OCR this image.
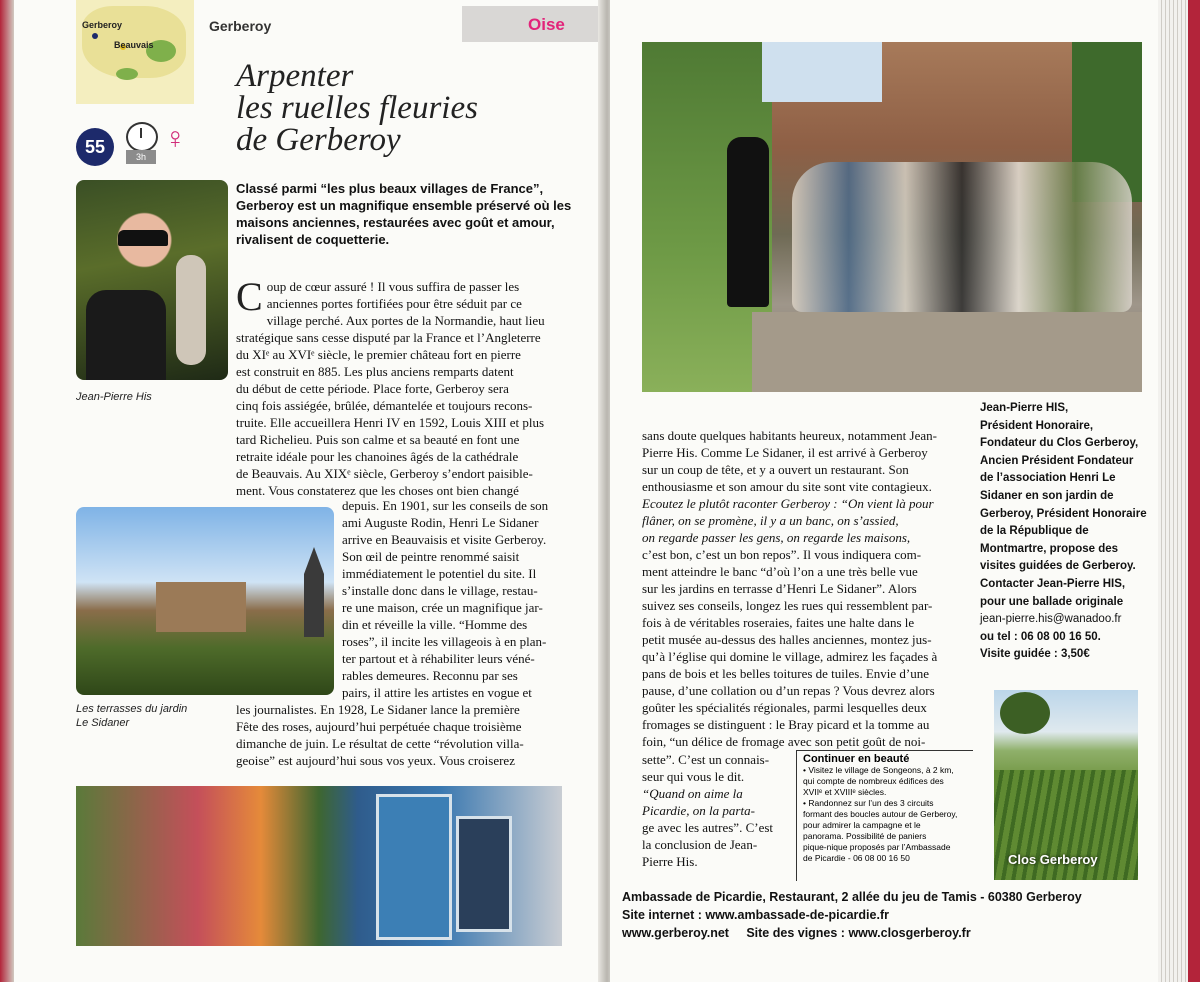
Gerberoy
Beauvais
Gerberoy	Oise
Arpenter
les ruelles fleuries
de Gerberoy
55	3h
♀
Classé parmi “les plus beaux villages de France”, Gerberoy est un magnifique ensemble préservé où les maisons anciennes, restaurées avec goût et amour, rivalisent de coquetterie.
Jean-Pierre His
C oup de cœur assuré ! Il vous suffira de passer les

anciennes portes fortifiées pour être séduit par ce

village perché. Aux portes de la Normandie, haut lieu

stratégique sans cesse disputé par la France et l’Angleterre

du XIᵉ au XVIᵉ siècle, le premier château fort en pierre

est construit en 885. Les plus anciens remparts datent

du début de cette période. Place forte, Gerberoy sera

cinq fois assiégée, brûlée, démantelée et toujours recons-

truite. Elle accueillera Henri IV en 1592, Louis XIII et plus

tard Richelieu. Puis son calme et sa beauté en font une

retraite idéale pour les chanoines âgés de la cathédrale

de Beauvais. Au XIXᵉ siècle, Gerberoy s’endort paisible-

ment. Vous constaterez que les choses ont bien changé

Les terrasses du jardin
Le Sidaner

depuis. En 1901, sur les conseils de son

ami Auguste Rodin, Henri Le Sidaner

arrive en Beauvaisis et visite Gerberoy.

Son œil de peintre renommé saisit

immédiatement le potentiel du site. Il

s’installe donc dans le village, restau-

re une maison, crée un magnifique jar-

din et réveille la ville. “Homme des

roses”, il incite les villageois à en plan-

ter partout et à réhabiliter leurs véné-

rables demeures. Reconnu par ses

pairs, il attire les artistes en vogue et

les journalistes. En 1928, Le Sidaner lance la première

Fête des roses, aujourd’hui perpétuée chaque troisième

dimanche de juin. Le résultat de cette “révolution villa-

geoise” est aujourd’hui sous vos yeux. Vous croiserez

sans doute quelques habitants heureux, notamment Jean-

Pierre His. Comme Le Sidaner, il est arrivé à Gerberoy

sur un coup de tête, et y a ouvert un restaurant. Son

enthousiasme et son amour du site sont vite contagieux.

Ecoutez le plutôt raconter Gerberoy : “On vient là pour

flâner, on se promène, il y a un banc, on s’assied,

on regarde passer les gens, on regarde les maisons,

c’est bon, c’est un bon repos”. Il vous indiquera com-

ment atteindre le banc “d’où l’on a une très belle vue

sur les jardins en terrasse d’Henri Le Sidaner”. Alors

suivez ses conseils, longez les rues qui ressemblent par-

fois à de véritables roseraies, faites une halte dans le

petit musée au-dessus des halles anciennes, montez jus-

qu’à l’église qui domine le village, admirez les façades à

pans de bois et les belles toitures de tuiles. Envie d’une

pause, d’une collation ou d’un repas ? Vous devrez alors

goûter les spécialités régionales, parmi lesquelles deux

fromages se distinguent : le Bray picard et la tomme au

foin, “un délice de fromage avec son petit goût de noi-

sette”. C’est un connais-

seur qui vous le dit.

“Quand on aime la

Picardie, on la parta-

ge avec les autres”. C’est

la conclusion de Jean-

Pierre His.

Continuer en beauté
• Visitez le village de Songeons, à 2 km,
qui compte de nombreux édifices des
XVIIᵉ et XVIIIᵉ siècles.
• Randonnez sur l’un des 3 circuits
formant des boucles autour de Gerberoy,
pour admirer la campagne et le
panorama. Possibilité de paniers
pique-nique proposés par l’Ambassade
de Picardie - 06 08 00 16 50
Jean-Pierre HIS,
Président Honoraire,
Fondateur du Clos Gerberoy,
Ancien Président Fondateur
de l’association Henri Le
Sidaner en son jardin de
Gerberoy, Président Honoraire
de la République de
Montmartre, propose des
visites guidées de Gerberoy.
Contacter Jean-Pierre HIS,
pour une ballade originale
jean-pierre.his@wanadoo.fr
ou tel : 06 08 00 16 50.
Visite guidée : 3,50€
Clos Gerberoy
Ambassade de Picardie, Restaurant, 2 allée du jeu de Tamis - 60380 Gerberoy
Site internet : www.ambassade-de-picardie.fr
www.gerberoy.net     Site des vignes : www.closgerberoy.fr
